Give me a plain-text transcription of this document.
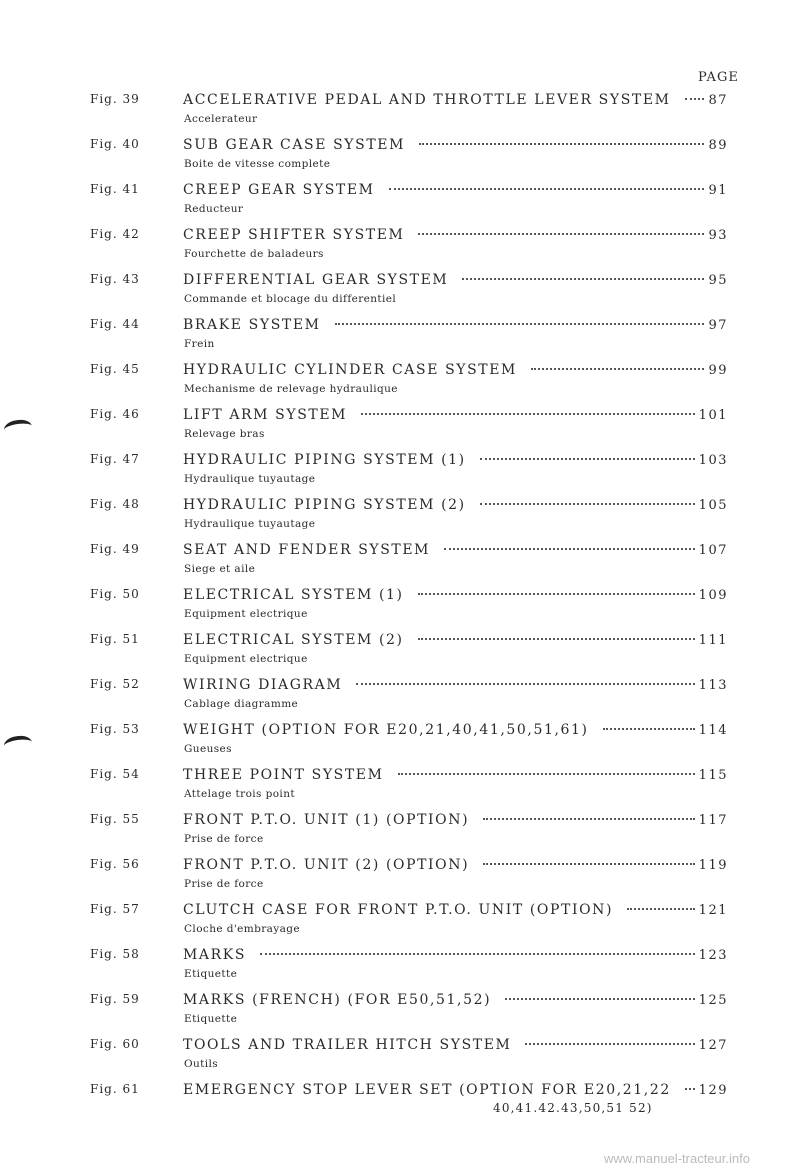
PAGE
Fig. 39	ACCELERATIVE PEDAL AND THROTTLE LEVER SYSTEM	87
Accelerateur
Fig. 40	SUB GEAR CASE SYSTEM	89
Boite de vitesse complete
Fig. 41	CREEP GEAR SYSTEM	91
Reducteur
Fig. 42	CREEP SHIFTER SYSTEM	93
Fourchette de baladeurs
Fig. 43	DIFFERENTIAL GEAR SYSTEM	95
Commande et blocage du differentiel
Fig. 44	BRAKE SYSTEM	97
Frein
Fig. 45	HYDRAULIC CYLINDER CASE SYSTEM	99
Mechanisme de relevage hydraulique
Fig. 46	LIFT ARM SYSTEM	101
Relevage bras
Fig. 47	HYDRAULIC PIPING SYSTEM (1)	103
Hydraulique tuyautage
Fig. 48	HYDRAULIC PIPING SYSTEM (2)	105
Hydraulique tuyautage
Fig. 49	SEAT AND FENDER SYSTEM	107
Siege et aile
Fig. 50	ELECTRICAL SYSTEM (1)	109
Equipment electrique
Fig. 51	ELECTRICAL SYSTEM (2)	111
Equipment electrique
Fig. 52	WIRING DIAGRAM	113
Cablage diagramme
Fig. 53	WEIGHT (OPTION FOR E20,21,40,41,50,51,61)	114
Gueuses
Fig. 54	THREE POINT SYSTEM	115
Attelage trois point
Fig. 55	FRONT P.T.O. UNIT (1) (OPTION)	117
Prise de force
Fig. 56	FRONT P.T.O. UNIT (2) (OPTION)	119
Prise de force
Fig. 57	CLUTCH CASE FOR FRONT P.T.O. UNIT (OPTION)	121
Cloche d'embrayage
Fig. 58	MARKS	123
Etiquette
Fig. 59	MARKS (FRENCH) (FOR E50,51,52)	125
Etiquette
Fig. 60	TOOLS AND TRAILER HITCH SYSTEM	127
Outils
Fig. 61	EMERGENCY STOP LEVER SET (OPTION FOR E20,21,22 129
40,41.42.43,50,51 52)
www.manuel-tracteur.info
